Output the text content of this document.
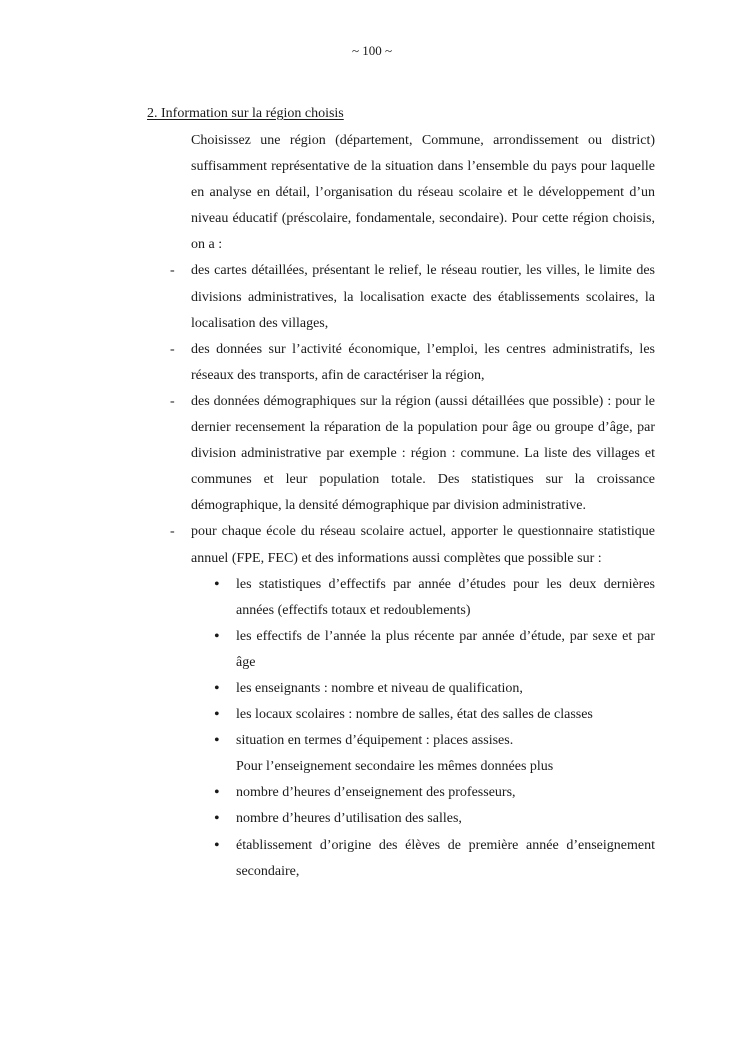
~ 100 ~
2. Information sur la région choisis
Choisissez une région (département, Commune, arrondissement ou district) suffisamment représentative de la situation dans l’ensemble du pays pour laquelle en analyse en détail, l’organisation du réseau scolaire et le développement d’un niveau éducatif (préscolaire, fondamentale, secondaire). Pour cette région choisis, on a :
- des cartes détaillées, présentant le relief, le réseau routier, les villes, le limite des divisions administratives, la localisation exacte des établissements scolaires, la localisation des villages,
- des données sur l’activité économique, l’emploi, les centres administratifs, les réseaux des transports, afin de caractériser la région,
- des données démographiques sur la région (aussi détaillées que possible) : pour le dernier recensement la réparation de la population pour âge ou groupe d’âge, par division administrative par exemple : région : commune. La liste des villages et communes et leur population totale. Des statistiques sur la croissance démographique, la densité démographique par division administrative.
- pour chaque école du réseau scolaire actuel, apporter le questionnaire statistique annuel (FPE, FEC) et des informations aussi complètes que possible sur :
• les statistiques d’effectifs par année d’études pour les deux dernières années (effectifs totaux et redoublements)
• les effectifs de l’année la plus récente par année d’étude, par sexe et par âge
• les enseignants : nombre et niveau de qualification,
• les locaux scolaires : nombre de salles, état des salles de classes
• situation en termes d’équipement : places assises.
Pour l’enseignement secondaire les mêmes données plus
• nombre d’heures d’enseignement des professeurs,
• nombre d’heures d’utilisation des salles,
• établissement d’origine des élèves de première année d’enseignement secondaire,
